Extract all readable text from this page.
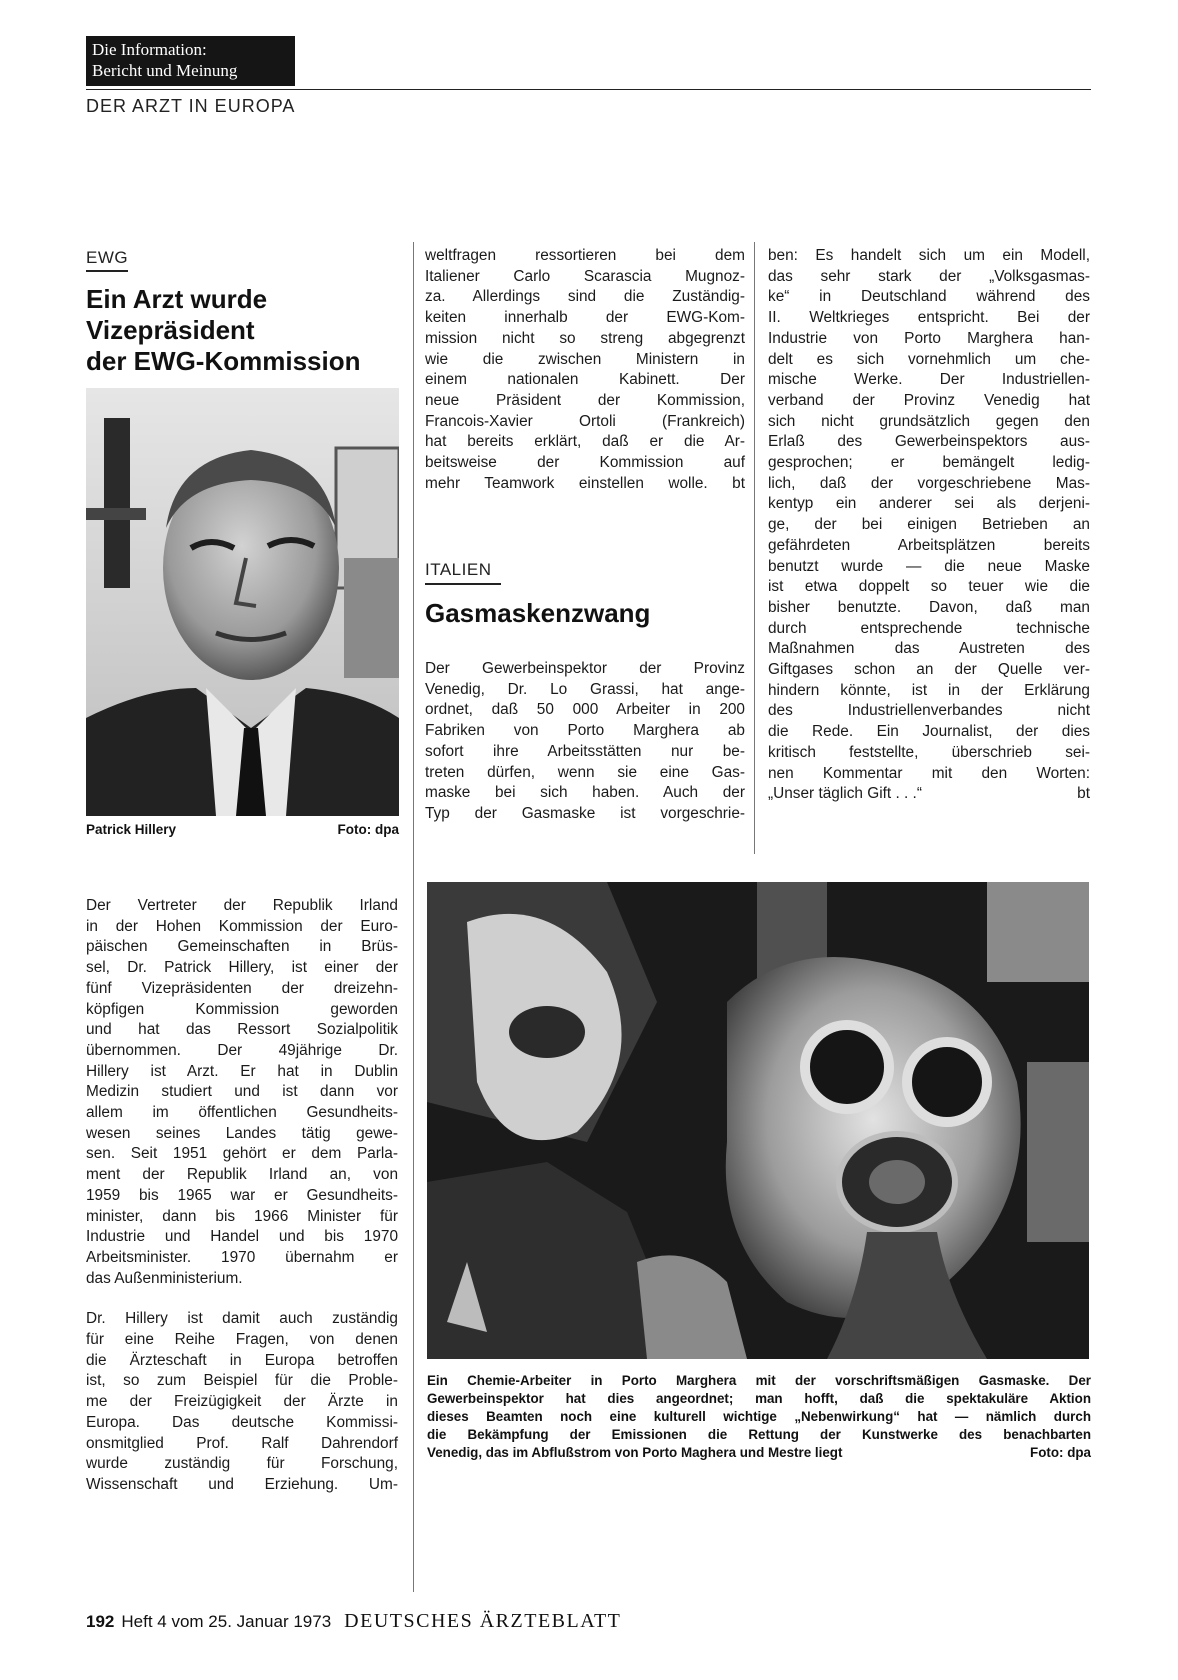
Die Information:
Bericht und Meinung
DER ARZT IN EUROPA
EWG
Ein Arzt wurde
Vizepräsident
der EWG-Kommission
Patrick Hillery	Foto: dpa

Der Vertreter der Republik Irland
in der Hohen Kommission der Euro-
päischen Gemeinschaften in Brüs-
sel, Dr. Patrick Hillery, ist einer der
fünf Vizepräsidenten der dreizehn-
köpfigen Kommission geworden
und hat das Ressort Sozialpolitik
übernommen. Der 49jährige Dr.
Hillery ist Arzt. Er hat in Dublin
Medizin studiert und ist dann vor
allem im öffentlichen Gesundheits-
wesen seines Landes tätig gewe-
sen. Seit 1951 gehört er dem Parla-
ment der Republik Irland an, von
1959 bis 1965 war er Gesundheits-
minister, dann bis 1966 Minister für
Industrie und Handel und bis 1970
Arbeitsminister. 1970 übernahm er
das Außenministerium.

Dr. Hillery ist damit auch zuständig
für eine Reihe Fragen, von denen
die Ärzteschaft in Europa betroffen
ist, so zum Beispiel für die Proble-
me der Freizügigkeit der Ärzte in
Europa. Das deutsche Kommissi-
onsmitglied Prof. Ralf Dahrendorf
wurde zuständig für Forschung,
Wissenschaft und Erziehung. Um-

weltfragen ressortieren bei dem
Italiener Carlo Scarascia Mugnoz-
za. Allerdings sind die Zuständig-
keiten innerhalb der EWG-Kom-
mission nicht so streng abgegrenzt
wie die zwischen Ministern in
einem nationalen Kabinett. Der
neue Präsident der Kommission,
Francois-Xavier Ortoli (Frankreich)
hat bereits erklärt, daß er die Ar-
beitsweise der Kommission auf
mehr Teamwork einstellen wolle. bt

ITALIEN
Gasmaskenzwang

Der Gewerbeinspektor der Provinz
Venedig, Dr. Lo Grassi, hat ange-
ordnet, daß 50 000 Arbeiter in 200
Fabriken von Porto Marghera ab
sofort ihre Arbeitsstätten nur be-
treten dürfen, wenn sie eine Gas-
maske bei sich haben. Auch der
Typ der Gasmaske ist vorgeschrie-

ben: Es handelt sich um ein Modell,
das sehr stark der „Volksgasmas-
ke“ in Deutschland während des
II. Weltkrieges entspricht. Bei der
Industrie von Porto Marghera han-
delt es sich vornehmlich um che-
mische Werke. Der Industriellen-
verband der Provinz Venedig hat
sich nicht grundsätzlich gegen den
Erlaß des Gewerbeinspektors aus-
gesprochen; er bemängelt ledig-
lich, daß der vorgeschriebene Mas-
kentyp ein anderer sei als derjeni-
ge, der bei einigen Betrieben an
gefährdeten Arbeitsplätzen bereits
benutzt wurde — die neue Maske
ist etwa doppelt so teuer wie die
bisher benutzte. Davon, daß man
durch entsprechende technische
Maßnahmen das Austreten des
Giftgases schon an der Quelle ver-
hindern könnte, ist in der Erklärung
des Industriellenverbandes nicht
die Rede. Ein Journalist, der dies
kritisch feststellte, überschrieb sei-
nen Kommentar mit den Worten:
„Unser täglich Gift . . .“	bt

Ein Chemie-Arbeiter in Porto Marghera mit der vorschriftsmäßigen Gasmaske. Der
Gewerbeinspektor hat dies angeordnet; man hofft, daß die spektakuläre Aktion
dieses Beamten noch eine kulturell wichtige „Nebenwirkung“ hat — nämlich durch
die Bekämpfung der Emissionen die Rettung der Kunstwerke des benachbarten
Venedig, das im Abflußstrom von Porto Maghera und Mestre liegt	Foto: dpa
192 Heft 4 vom 25. Januar 1973 DEUTSCHES ÄRZTEBLATT
